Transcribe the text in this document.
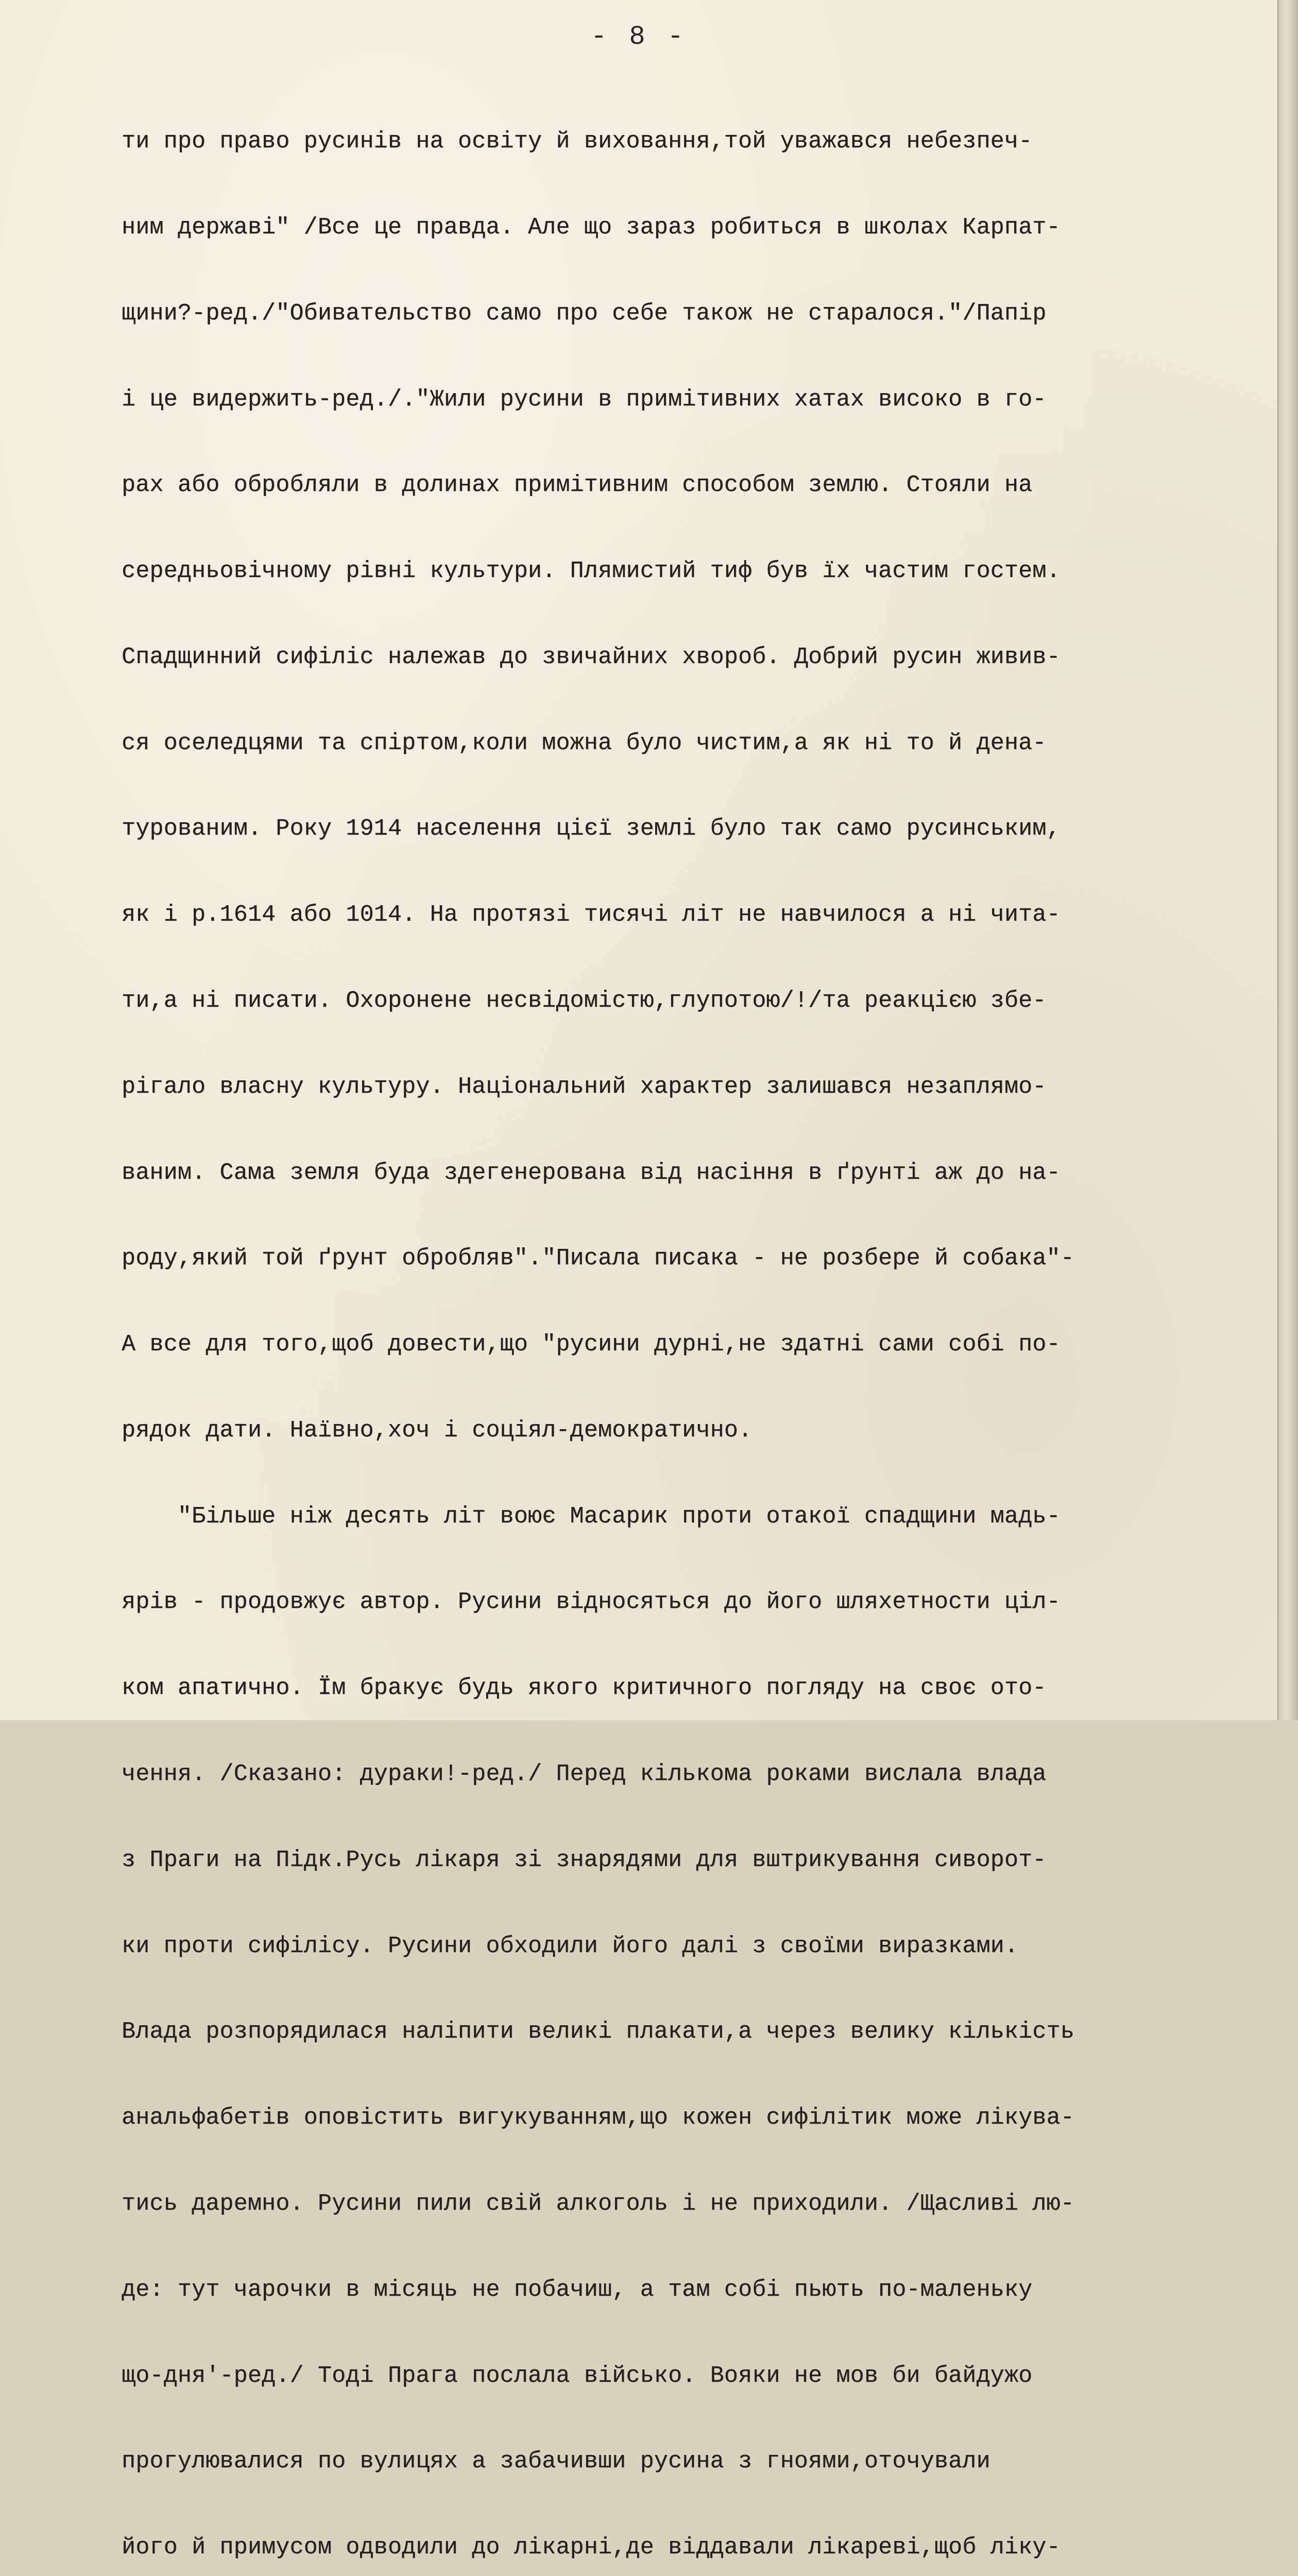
- 8 -

ти про право русинів на освіту й виховання,той уважався небезпеч-

ним державі" /Все це правда. Але що зараз робиться в школах Карпат-

щини?-ред./"Обивательство само про себе також не старалося."/Папір

і це видержить-ред./."Жили русини в примітивних хатах високо в го-

рах або обробляли в долинах примітивним способом землю. Стояли на

середньовічному рівні культури. Плямистий тиф був їх частим гостем.

Спадщинний сифіліс належав до звичайних хвороб. Добрий русин живив-

ся оселедцями та спіртом,коли можна було чистим,а як ні то й дена-

турованим. Року 1914 населення цієї землі було так само русинським,

як і р.1614 або 1014. На протязі тисячі літ не навчилося а ні чита-

ти,а ні писати. Охоронене несвідомістю,глупотою/!/та реакцією збе-

рігало власну культуру. Національний характер залишався незаплямо-

ваним. Сама земля буда здегенерована від насіння в ґрунті аж до на-

роду,який той ґрунт обробляв"."Писала писака - не розбере й собака"-

А все для того,щоб довести,що "русини дурні,не здатні сами собі по-

рядок дати. Наївно,хоч і соціял-демократично.

"Більше ніж десять літ воює Масарик проти отакої спадщини мадь-

ярів - продовжує автор. Русини відносяться до його шляхетности ціл-

ком апатично. Їм бракує будь якого критичного погляду на своє ото-

чення. /Сказано: дураки!-ред./ Перед кількома роками вислала влада

з Праги на Підк.Русь лікаря зі знарядями для вштрикування сиворот-

ки проти сифілісу. Русини обходили його далі з своїми виразками.

Влада розпорядилася наліпити великі плакати,а через велику кількість

анальфабетів оповістить вигукуванням,що кожен сифілітик може лікува-

тись даремно. Русини пили свій алкоголь і не приходили. /Щасливі лю-

де: тут чарочки в місяць не побачиш, а там собі пьють по-маленьку

що-дня'-ред./ Тоді Прага послала військо. Вояки не мов би байдужо

прогулювалися по вулицях а забачивши русина з гноями,оточували

його й примусом одводили до лікарні,де віддавали лікареві,щоб ліку-
